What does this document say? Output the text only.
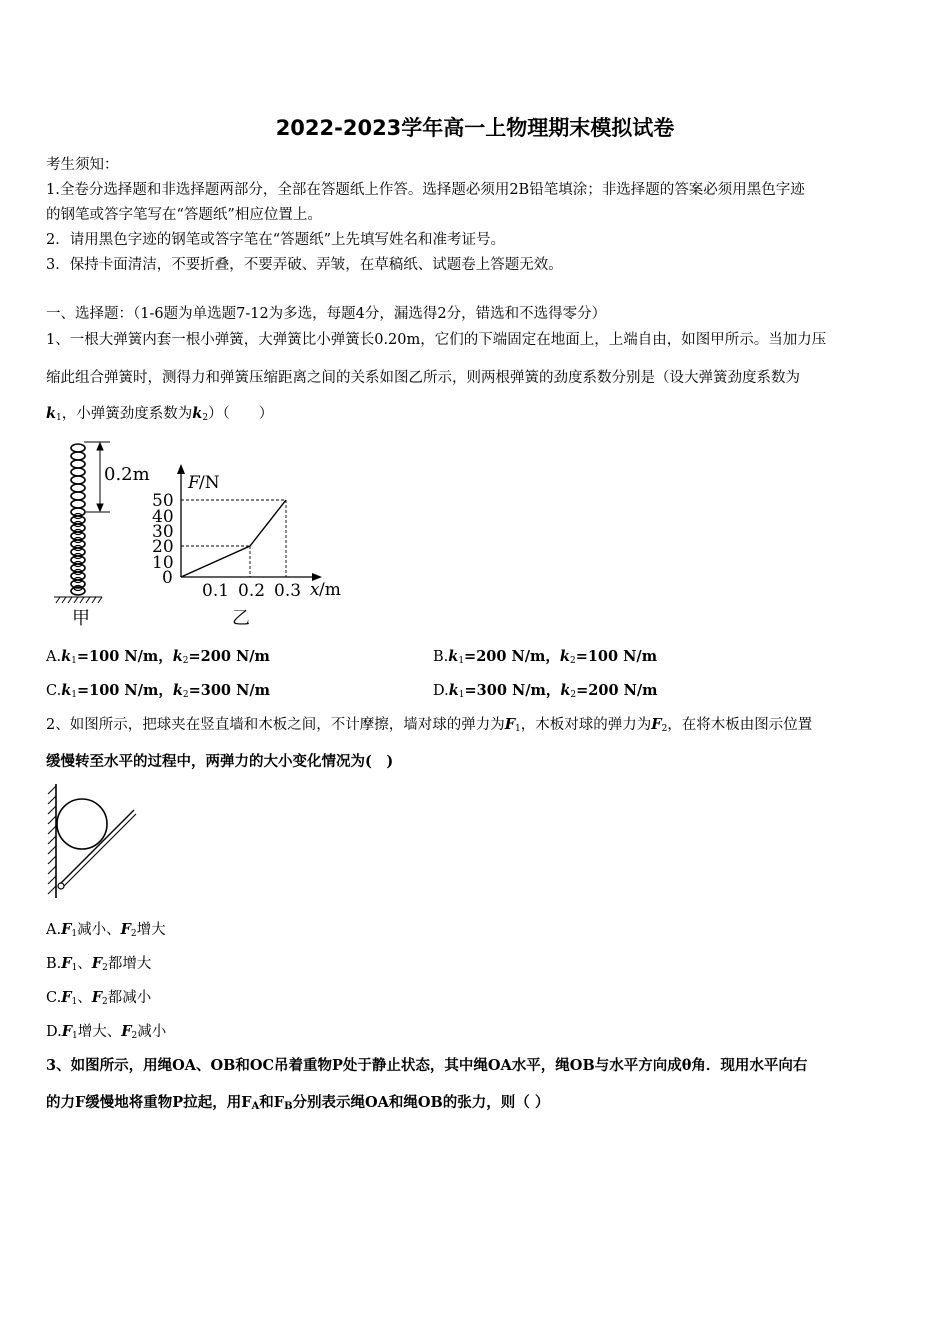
2022-2023学年高一上物理期末模拟试卷
考生须知：
1.全卷分选择题和非选择题两部分，全部在答题纸上作答。选择题必须用2B铅笔填涂；非选择题的答案必须用黑色字迹
的钢笔或答字笔写在“答题纸”相应位置上。
2．请用黑色字迹的钢笔或答字笔在“答题纸”上先填写姓名和准考证号。
3．保持卡面清洁，不要折叠，不要弄破、弄皱，在草稿纸、试题卷上答题无效。
一、选择题：（1-6题为单选题7-12为多选，每题4分，漏选得2分，错选和不选得零分）
1、一根大弹簧内套一根小弹簧，大弹簧比小弹簧长0.20m，它们的下端固定在地面上，上端自由，如图甲所示。当加力压
缩此组合弹簧时，测得力和弹簧压缩距离之间的关系如图乙所示，则两根弹簧的劲度系数分别是（设大弹簧劲度系数为
$k_1$，小弹簧劲度系数为$k_2$）（　　）
0.2m
甲
50
40
30
20
10
0
0.1 0.2 0.3
F /N
x /m
乙
$A.k_1=100$ N/m，$k_2=200$ N/m	$B.k_1=200$ N/m，$k_2=100$ N/m
$C.k_1=100$ N/m，$k_2=300$ N/m	$D.k_1=300$ N/m，$k_2=200$ N/m
2、如图所示，把球夹在竖直墙和木板之间，不计摩擦，墙对球的弹力为$F_1$，木板对球的弹力为$F_2$，在将木板由图示位置
缓慢转至水平的过程中，两弹力的大小变化情况为(　)
$A.F_1$减小、$F_2$增大
$B.F_1$、$F_2$都增大
$C.F_1$、$F_2$都减小
$D.F_1$增大、$F_2$减小
3、如图所示，用绳OA、OB和OC吊着重物P处于静止状态，其中绳OA水平，绳OB与水平方向成θ角．现用水平向右
的力F缓慢地将重物P拉起，用$F_A$和$F_B$分别表示绳OA和绳OB的张力，则（ ）
